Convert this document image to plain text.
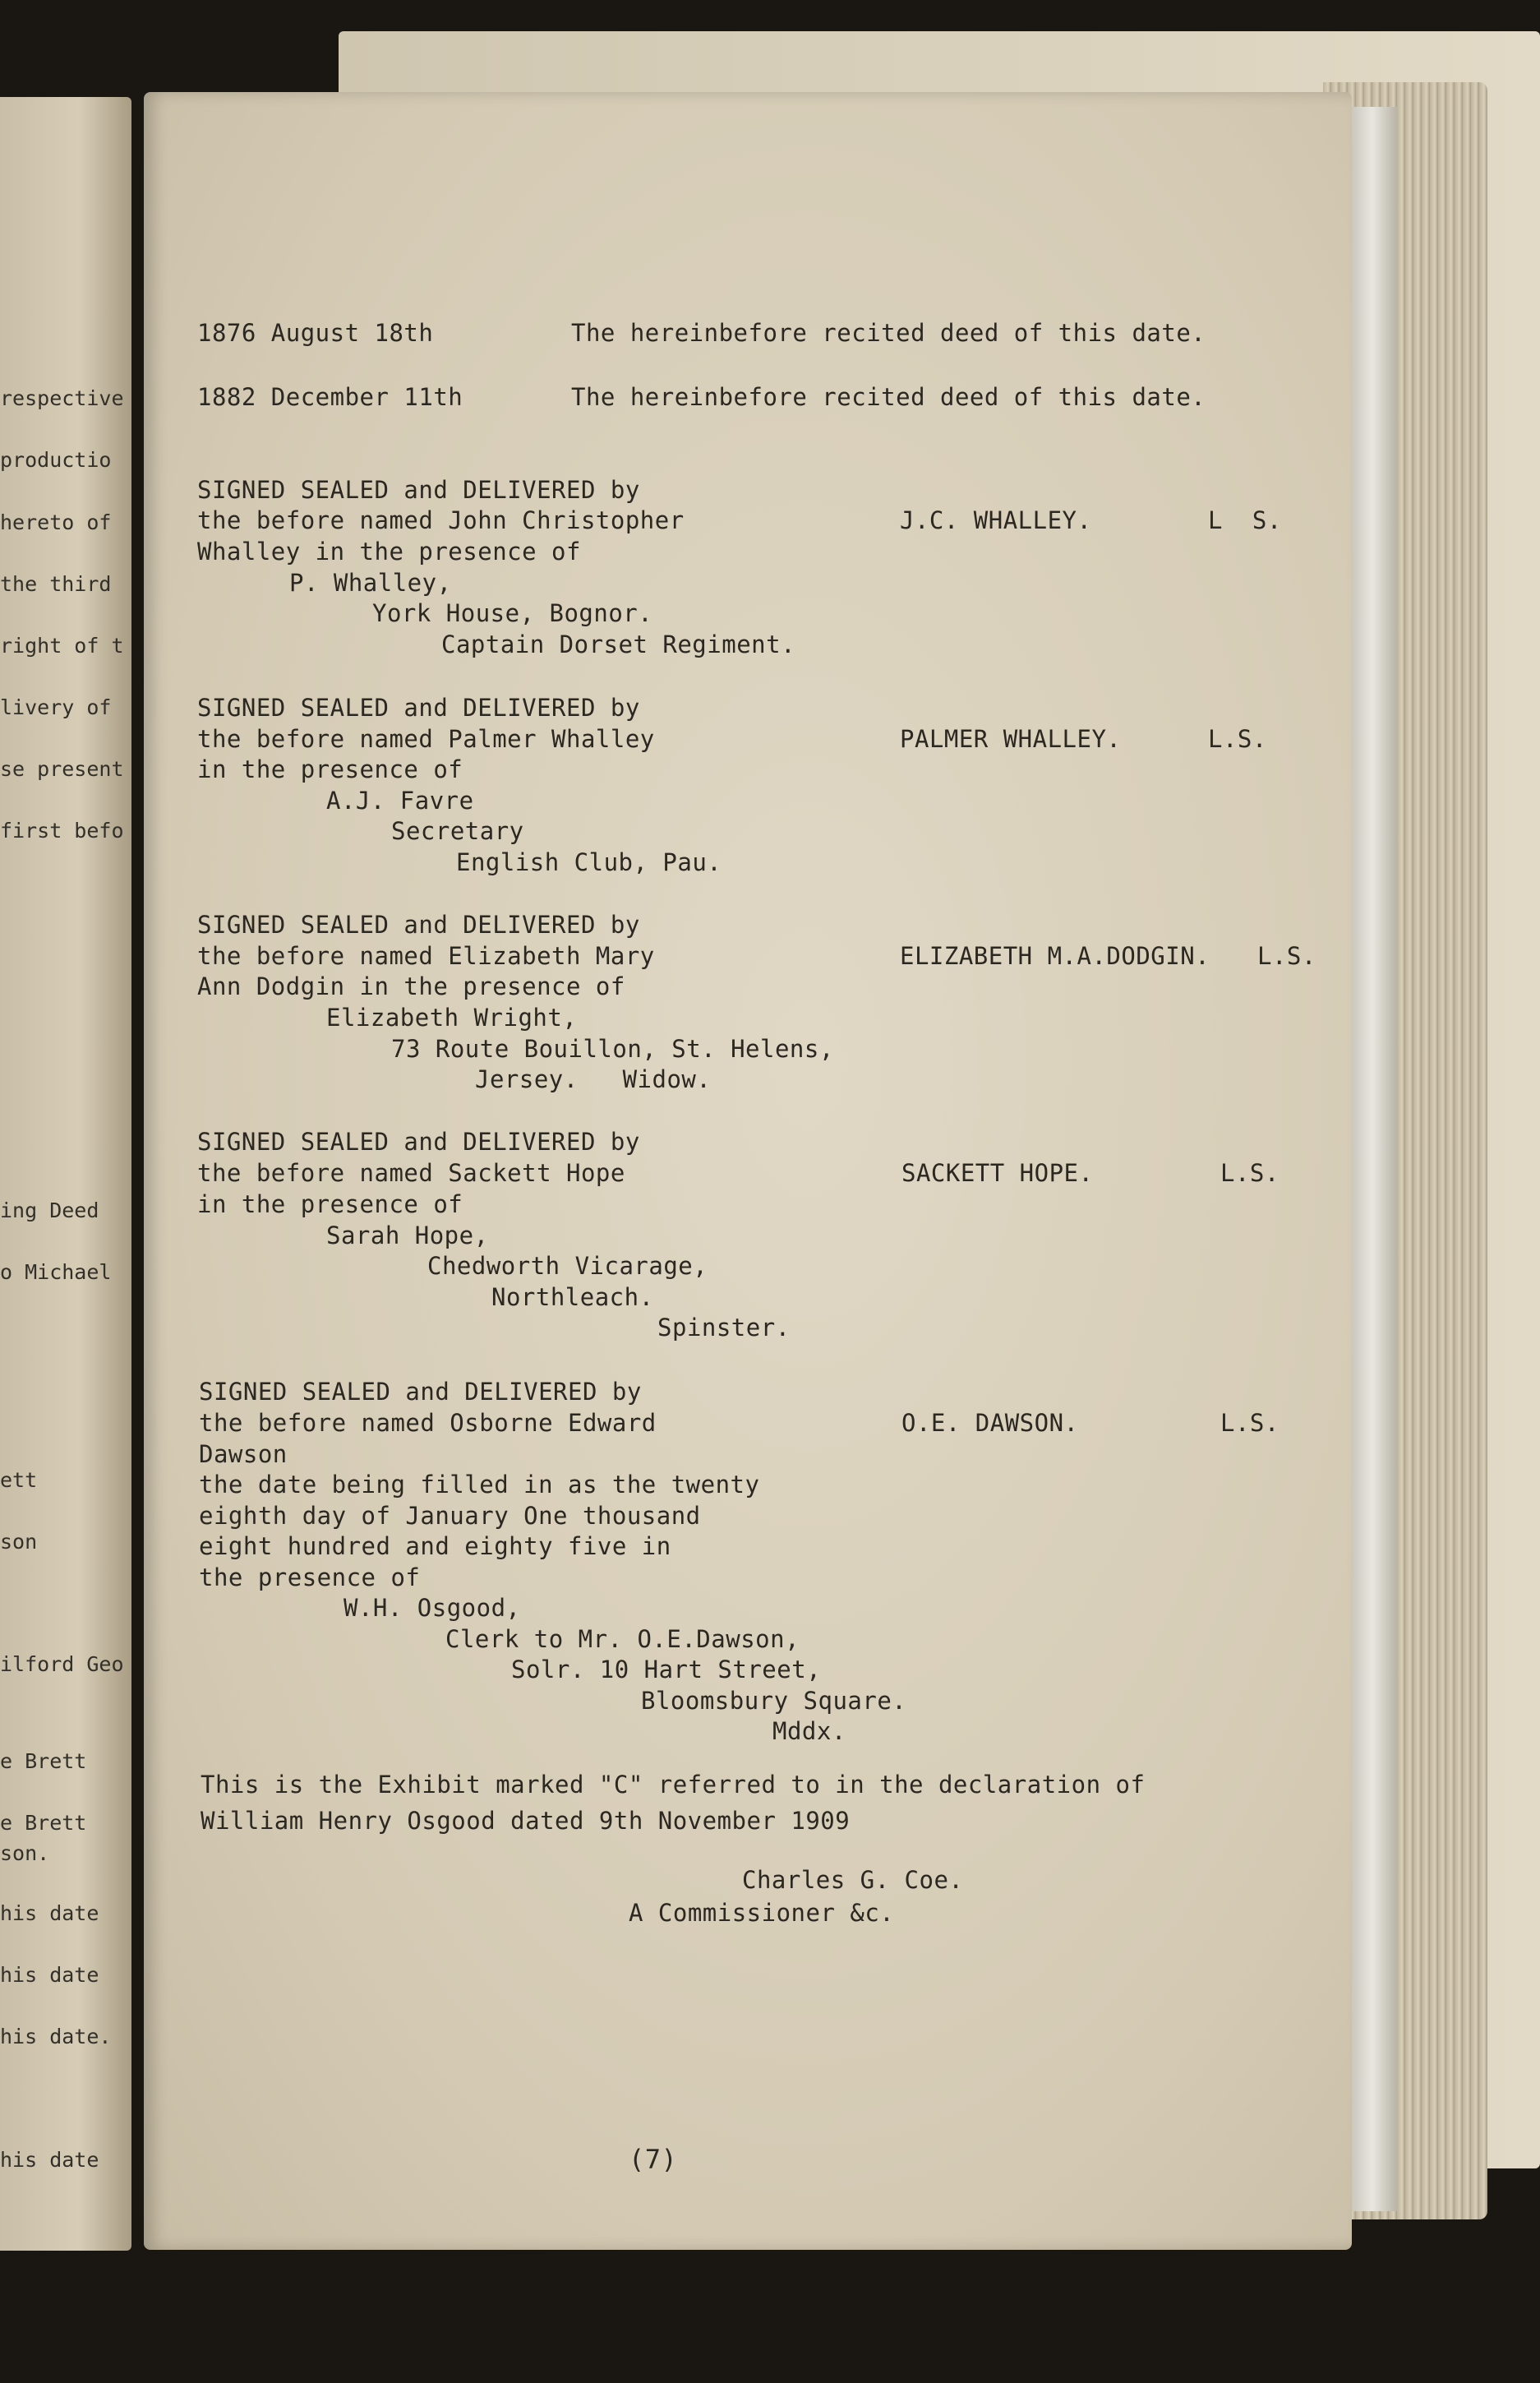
respective
productio
hereto of
the third
right of t
livery of
se present
first befo
ing Deed
o Michael
ett
son
ilford Geo
e Brett
e Brett
son.
his date
his date
his date.
his date
1876 August 18th	The hereinbefore recited deed of this date.
1882 December 11th	The hereinbefore recited deed of this date.
SIGNED SEALED and DELIVERED by
the before named John Christopher
Whalley in the presence of
P. Whalley,
York House, Bognor.
Captain Dorset Regiment.
J.C. WHALLEY.	L  S.
SIGNED SEALED and DELIVERED by
the before named Palmer Whalley
in the presence of
A.J. Favre
Secretary
English Club, Pau.
PALMER WHALLEY.	L.S.
SIGNED SEALED and DELIVERED by
the before named Elizabeth Mary
Ann Dodgin in the presence of
Elizabeth Wright,
73 Route Bouillon, St. Helens,
Jersey.   Widow.
ELIZABETH M.A.DODGIN. L.S.
SIGNED SEALED and DELIVERED by
the before named Sackett Hope
in the presence of
Sarah Hope,
Chedworth Vicarage,
Northleach.
Spinster.
SACKETT HOPE.	L.S.
SIGNED SEALED and DELIVERED by
the before named Osborne Edward
Dawson
the date being filled in as the twenty
eighth day of January One thousand
eight hundred and eighty five in
the presence of
W.H. Osgood,
Clerk to Mr. O.E.Dawson,
Solr. 10 Hart Street,
Bloomsbury Square.
Mddx.
O.E. DAWSON.	L.S.
This is the Exhibit marked "C" referred to in the declaration of
William Henry Osgood dated 9th November 1909
Charles G. Coe.
A Commissioner &c.
(7)
